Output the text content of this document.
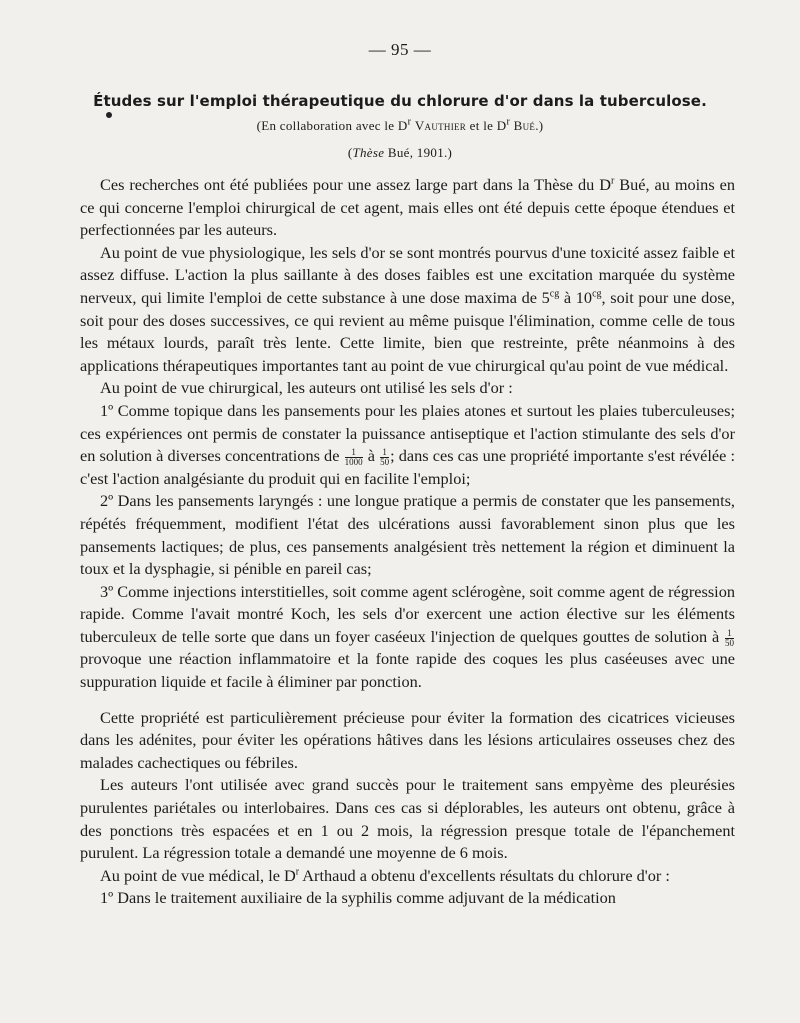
— 95 —
Études sur l'emploi thérapeutique du chlorure d'or dans la tuberculose.
(En collaboration avec le $D^r$ Vauthier et le $D^r$ Bué.)
(Thèse Bué, 1901.)

Ces recherches ont été publiées pour une assez large part dans la Thèse du $D^r$ Bué, au moins en ce qui concerne l'emploi chirurgical de cet agent, mais elles ont été depuis cette époque étendues et perfectionnées par les auteurs.

Au point de vue physiologique, les sels d'or se sont montrés pourvus d'une toxicité assez faible et assez diffuse. L'action la plus saillante à des doses faibles est une excitation marquée du système nerveux, qui limite l'emploi de cette substance à une dose maxima de $5^{cg}$ à $10^{cg}$, soit pour une dose, soit pour des doses successives, ce qui revient au même puisque l'élimination, comme celle de tous les métaux lourds, paraît très lente. Cette limite, bien que restreinte, prête néanmoins à des applications thérapeutiques importantes tant au point de vue chirurgical qu'au point de vue médical.

Au point de vue chirurgical, les auteurs ont utilisé les sels d'or :

1º Comme topique dans les pansements pour les plaies atones et surtout les plaies tuberculeuses; ces expériences ont permis de constater la puissance antiseptique et l'action stimulante des sels d'or en solution à diverses concentrations de $\frac{1}{1000}$ à $\frac{1}{50}$ ; dans ces cas une propriété importante s'est révélée : c'est l'action analgésiante du produit qui en facilite l'emploi;

2º Dans les pansements laryngés : une longue pratique a permis de constater que les pansements, répétés fréquemment, modifient l'état des ulcérations aussi favorablement sinon plus que les pansements lactiques; de plus, ces pansements analgésient très nettement la région et diminuent la toux et la dysphagie, si pénible en pareil cas;

3º Comme injections interstitielles, soit comme agent sclérogène, soit comme agent de régression rapide. Comme l'avait montré Koch, les sels d'or exercent une action élective sur les éléments tuberculeux de telle sorte que dans un foyer caséeux l'injection de quelques gouttes de solution à $\frac{1}{50}$
provoque une réaction inflammatoire et la fonte rapide des coques les plus caséeuses avec une suppuration liquide et facile à éliminer par ponction.

Cette propriété est particulièrement précieuse pour éviter la formation des cicatrices vicieuses dans les adénites, pour éviter les opérations hâtives dans les lésions articulaires osseuses chez des malades cachectiques ou fébriles.

Les auteurs l'ont utilisée avec grand succès pour le traitement sans empyème des pleurésies purulentes pariétales ou interlobaires. Dans ces cas si déplorables, les auteurs ont obtenu, grâce à des ponctions très espacées et en 1 ou 2 mois, la régression presque totale de l'épanchement purulent. La régression totale a demandé une moyenne de 6 mois.

Au point de vue médical, le $D^r$ Arthaud a obtenu d'excellents résultats du chlorure d'or :

1º Dans le traitement auxiliaire de la syphilis comme adjuvant de la médication
